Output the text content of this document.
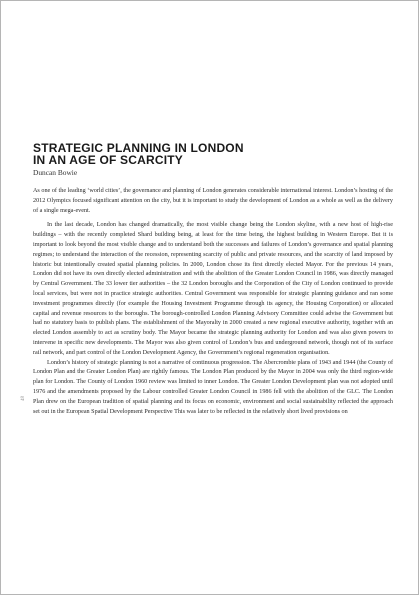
STRATEGIC PLANNING IN LONDON
IN AN AGE OF SCARCITY
Duncan Bowie
48

As one of the leading ‘world cities’, the governance and planning of London generates considerable international interest. London’s hosting of the 2012 Olympics focused significant attention on the city, but it is important to study the development of London as a whole as well as the delivery of a single mega-event.

In the last decade, London has changed dramatically, the most visible change being the London skyline, with a new host of high-rise buildings – with the recently completed Shard building being, at least for the time being, the highest building in Western Europe. But it is important to look beyond the most visible change and to understand both the successes and failures of London’s governance and spatial planning regimes; to understand the interaction of the recession, representing scarcity of public and private resources, and the scarcity of land imposed by historic but intentionally created spatial planning policies. In 2000, London chose its first directly elected Mayor. For the previous 14 years, London did not have its own directly elected administration and with the abolition of the Greater London Council in 1986, was directly managed by Central Government. The 33 lower tier authorities – the 32 London boroughs and the Corporation of the City of London continued to provide local services, but were not in practice strategic authorities. Central Government was responsible for strategic planning guidance and ran some investment programmes directly (for example the Housing Investment Programme through its agency, the Housing Corporation) or allocated capital and revenue resources to the boroughs. The borough-controlled London Planning Advisory Committee could advise the Government but had no statutory basis to publish plans. The establishment of the Mayoralty in 2000 created a new regional executive authority, together with an elected London assembly to act as scrutiny body. The Mayor became the strategic planning authority for London and was also given powers to intervene in specific new developments. The Mayor was also given control of London’s bus and underground network, though not of its surface rail network, and part control of the London Development Agency, the Government’s regional regeneration organisation.

London’s history of strategic planning is not a narrative of continuous progression. The Abercrombie plans of 1943 and 1944 (the County of London Plan and the Greater London Plan) are rightly famous. The London Plan produced by the Mayor in 2004 was only the third region-wide plan for London. The County of London 1960 review was limited to inner London. The Greater London Development plan was not adopted until 1976 and the amendments proposed by the Labour controlled Greater London Council in 1986 fell with the abolition of the GLC. The London Plan drew on the European tradition of spatial planning and its focus on economic, environment and social sustainability reflected the approach set out in the European Spatial Development Perspective This was later to be reflected in the relatively short lived provisions on
